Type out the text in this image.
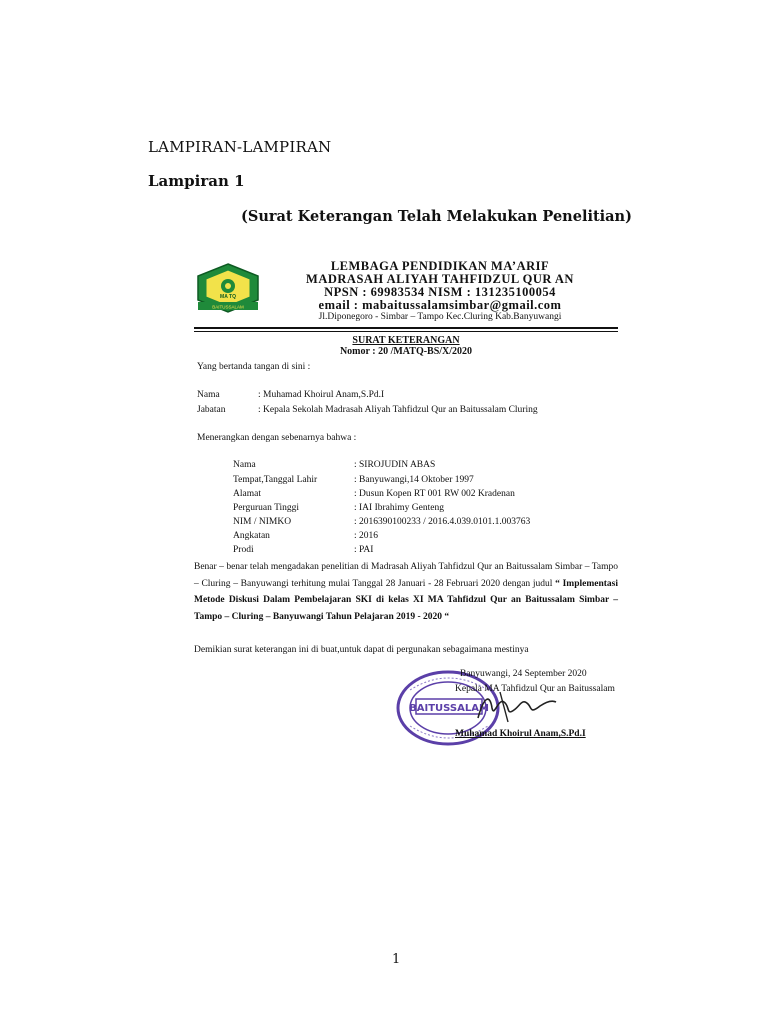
LAMPIRAN-LAMPIRAN
Lampiran 1
(Surat Keterangan Telah Melakukan Penelitian)
MA TQ
BAITUSSALAM
LEMBAGA PENDIDIKAN MA’ARIF
MADRASAH ALIYAH TAHFIDZUL QUR AN
NPSN : 69983534 NISM : 131235100054
email : mabaitussalamsimbar@gmail.com
Jl.Diponegoro - Simbar – Tampo Kec.Cluring Kab.Banyuwangi
SURAT KETERANGAN
Nomor : 20 /MATQ-BS/X/2020
Yang bertanda tangan di sini :
Nama	: Muhamad Khoirul Anam,S.Pd.I
Jabatan	: Kepala Sekolah Madrasah Aliyah Tahfidzul Qur an Baitussalam Cluring
Menerangkan dengan sebenarnya bahwa :
Nama	: SIROJUDIN ABAS
Tempat,Tanggal Lahir	: Banyuwangi,14 Oktober 1997
Alamat	: Dusun Kopen RT 001 RW 002 Kradenan
Perguruan Tinggi	: IAI Ibrahimy Genteng
NIM / NIMKO	: 2016390100233 / 2016.4.039.0101.1.003763
Angkatan	: 2016
Prodi	: PAI
Benar – benar telah mengadakan penelitian di Madrasah Aliyah Tahfidzul Qur an Baitussalam Simbar – Tampo – Cluring – Banyuwangi terhitung mulai Tanggal 28 Januari - 28 Februari 2020 dengan judul “ Implementasi Metode Diskusi Dalam Pembelajaran SKI di kelas XI MA Tahfidzul Qur an Baitussalam Simbar – Tampo – Cluring – Banyuwangi Tahun Pelajaran 2019 - 2020 “
Demikian surat keterangan ini di buat,untuk dapat di pergunakan sebagaimana mestinya
BAITUSSALAM
Banyuwangi, 24 September 2020
Kepala MA Tahfidzul Qur an Baitussalam
Muhamad Khoirul Anam,S.Pd.I
1
